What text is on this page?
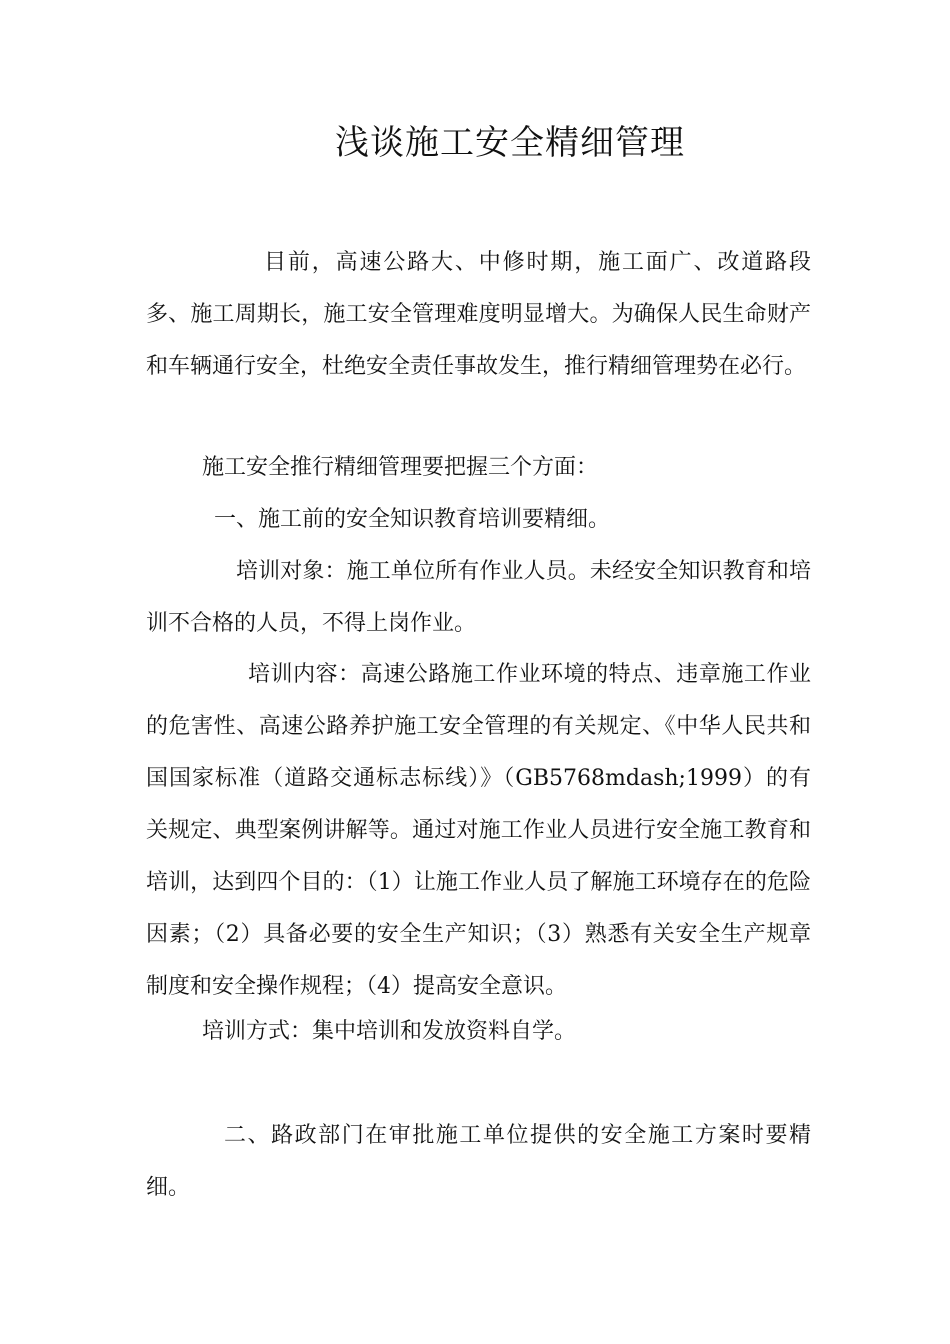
浅谈施工安全精细管理

目前，高速公路大、中修时期，施工面广、改道路段多、施工周期长，施工安全管理难度明显增大。为确保人民生命财产和车辆通行安全，杜绝安全责任事故发生，推行精细管理势在必行。

施工安全推行精细管理要把握三个方面：

一、施工前的安全知识教育培训要精细。

培训对象：施工单位所有作业人员。未经安全知识教育和培训不合格的人员，不得上岗作业。

培训内容：高速公路施工作业环境的特点、违章施工作业的危害性、高速公路养护施工安全管理的有关规定、《中华人民共和国国家标准（道路交通标志标线）》（GB5768mdash;1999）的有关规定、典型案例讲解等。通过对施工作业人员进行安全施工教育和培训，达到四个目的：（1）让施工作业人员了解施工环境存在的危险因素；（2）具备必要的安全生产知识；（3）熟悉有关安全生产规章制度和安全操作规程；（4）提高安全意识。

培训方式：集中培训和发放资料自学。

二、路政部门在审批施工单位提供的安全施工方案时要精细。
